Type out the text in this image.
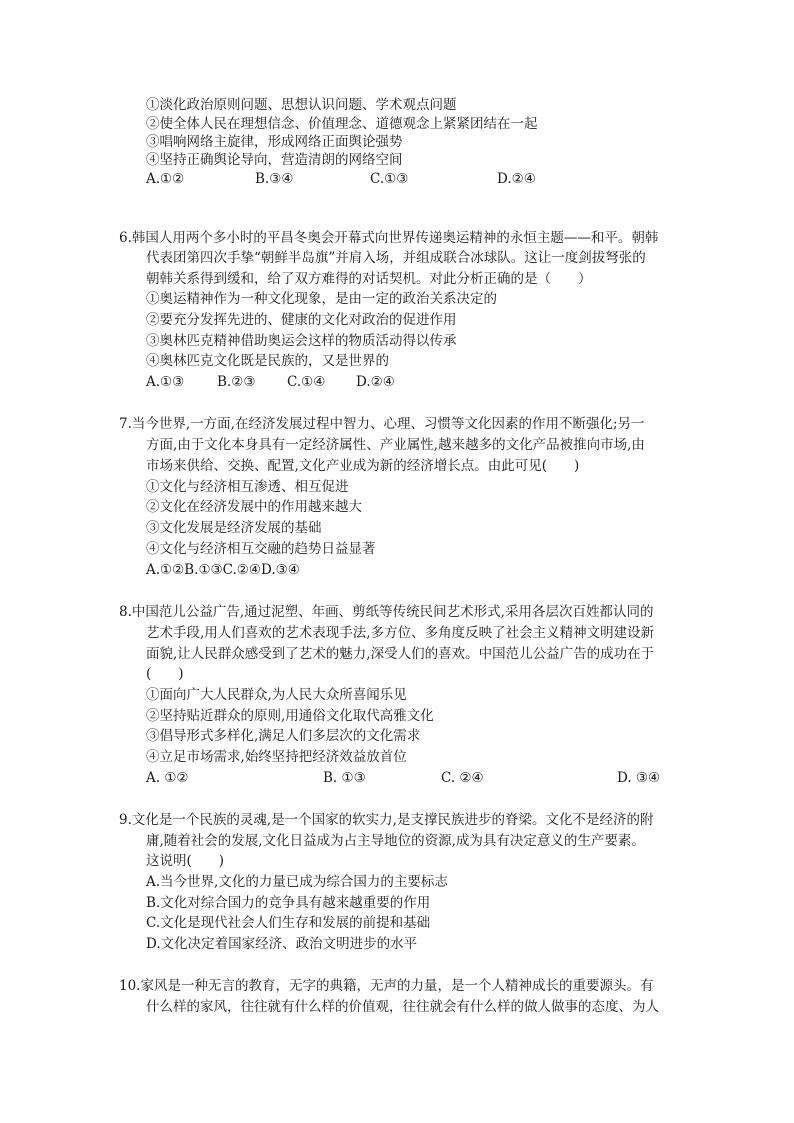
①淡化政治原则问题、思想认识问题、学术观点问题
②使全体人民在理想信念、价值理念、道德观念上紧紧团结在一起
③唱响网络主旋律，形成网络正面舆论强势
④坚持正确舆论导向，营造清朗的网络空间
A.①②	B.③④	C.①③	D.②④
6.韩国人用两个多小时的平昌冬奥会开幕式向世界传递奥运精神的永恒主题——和平。朝韩
代表团第四次手挚“朝鲜半岛旗”并肩入场，并组成联合冰球队。这让一度剑拔弩张的
朝韩关系得到缓和，给了双方难得的对话契机。对此分析正确的是（　　）
①奥运精神作为一种文化现象，是由一定的政治关系决定的
②要充分发挥先进的、健康的文化对政治的促进作用
③奥林匹克精神借助奥运会这样的物质活动得以传承
④奥林匹克文化既是民族的，又是世界的
A.①③ B.②③ C.①④ D.②④
7.当今世界,一方面,在经济发展过程中智力、心理、习惯等文化因素的作用不断强化;另一
方面,由于文化本身具有一定经济属性、产业属性,越来越多的文化产品被推向市场,由
市场来供给、交换、配置,文化产业成为新的经济增长点。由此可见(　　)
①文化与经济相互渗透、相互促进
②文化在经济发展中的作用越来越大
③文化发展是经济发展的基础
④文化与经济相互交融的趋势日益显著
A.①②B.①③C.②④D.③④
8.中国范儿公益广告,通过泥塑、年画、剪纸等传统民间艺术形式,采用各层次百姓都认同的
艺术手段,用人们喜欢的艺术表现手法,多方位、多角度反映了社会主义精神文明建设新
面貌,让人民群众感受到了艺术的魅力,深受人们的喜欢。中国范儿公益广告的成功在于
(　　)
①面向广大人民群众,为人民大众所喜闻乐见
②坚持贴近群众的原则,用通俗文化取代高雅文化
③倡导形式多样化,满足人们多层次的文化需求
④立足市场需求,始终坚持把经济效益放首位
A. ①②	B. ①③	C. ②④	D. ③④
9.文化是一个民族的灵魂,是一个国家的软实力,是支撑民族进步的脊梁。文化不是经济的附
庸,随着社会的发展,文化日益成为占主导地位的资源,成为具有决定意义的生产要素。
这说明(　　)
A.当今世界,文化的力量已成为综合国力的主要标志
B.文化对综合国力的竞争具有越来越重要的作用
C.文化是现代社会人们生存和发展的前提和基础
D.文化决定着国家经济、政治文明进步的水平
10.家风是一种无言的教育，无字的典籍，无声的力量，是一个人精神成长的重要源头。有
什么样的家风，往往就有什么样的价值观，往往就会有什么样的做人做事的态度、为人
